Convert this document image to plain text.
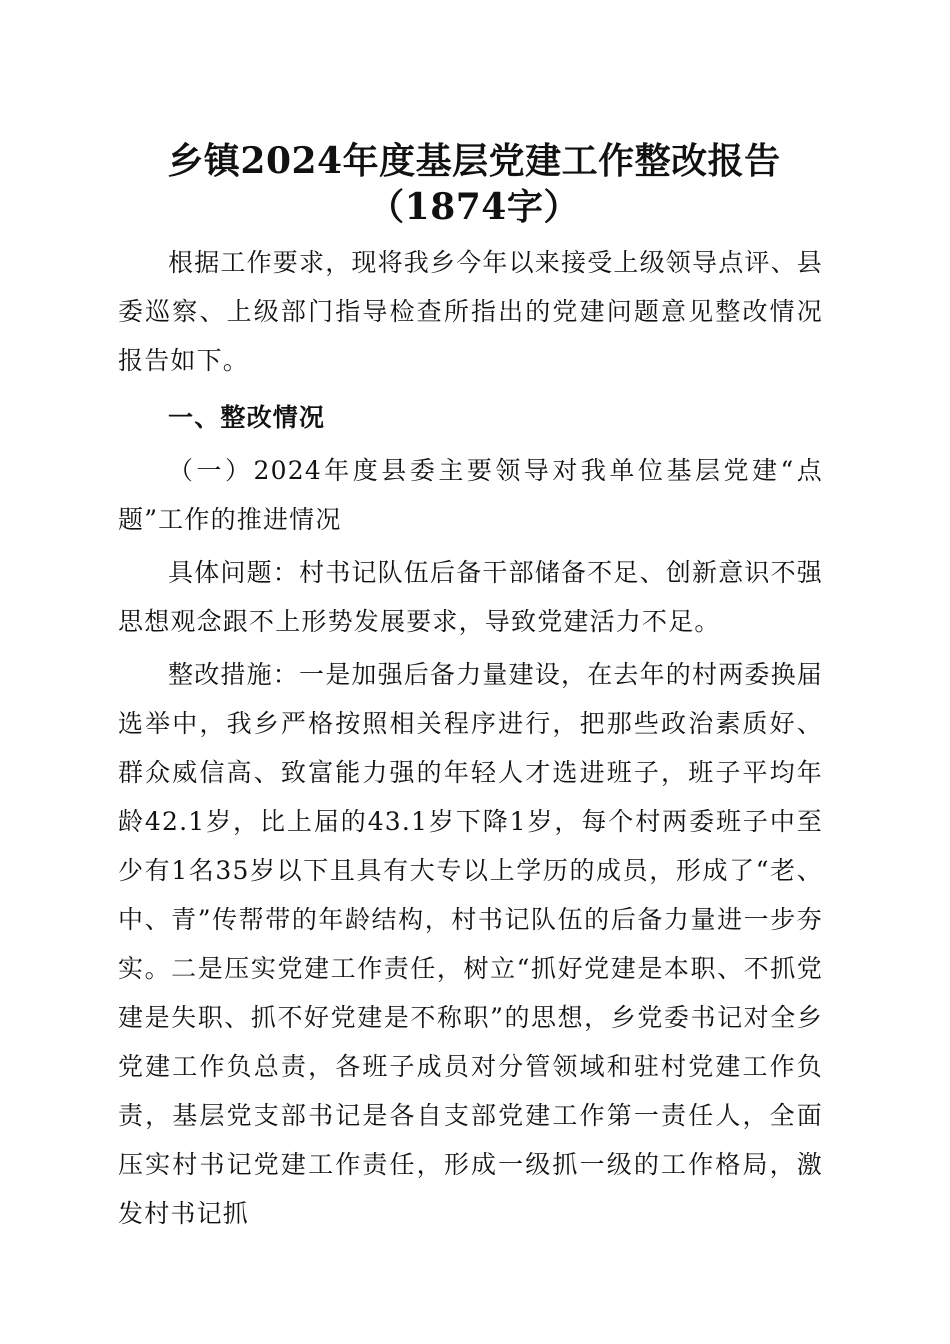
乡镇2024年度基层党建工作整改报告（1874字）

根据工作要求，现将我乡今年以来接受上级领导点评、县委巡察、上级部门指导检查所指出的党建问题意见整改情况报告如下。

一、整改情况

（一）2024年度县委主要领导对我单位基层党建“点题”工作的推进情况

具体问题：村书记队伍后备干部储备不足、创新意识不强思想观念跟不上形势发展要求，导致党建活力不足。

整改措施：一是加强后备力量建设，在去年的村两委换届选举中，我乡严格按照相关程序进行，把那些政治素质好、群众威信高、致富能力强的年轻人才选进班子，班子平均年龄42.1岁，比上届的43.1岁下降1岁，每个村两委班子中至少有1名35岁以下且具有大专以上学历的成员，形成了“老、中、青”传帮带的年龄结构，村书记队伍的后备力量进一步夯实。二是压实党建工作责任，树立“抓好党建是本职、不抓党建是失职、抓不好党建是不称职”的思想，乡党委书记对全乡党建工作负总责，各班子成员对分管领域和驻村党建工作负责，基层党支部书记是各自支部党建工作第一责任人，全面压实村书记党建工作责任，形成一级抓一级的工作格局，激发村书记抓
